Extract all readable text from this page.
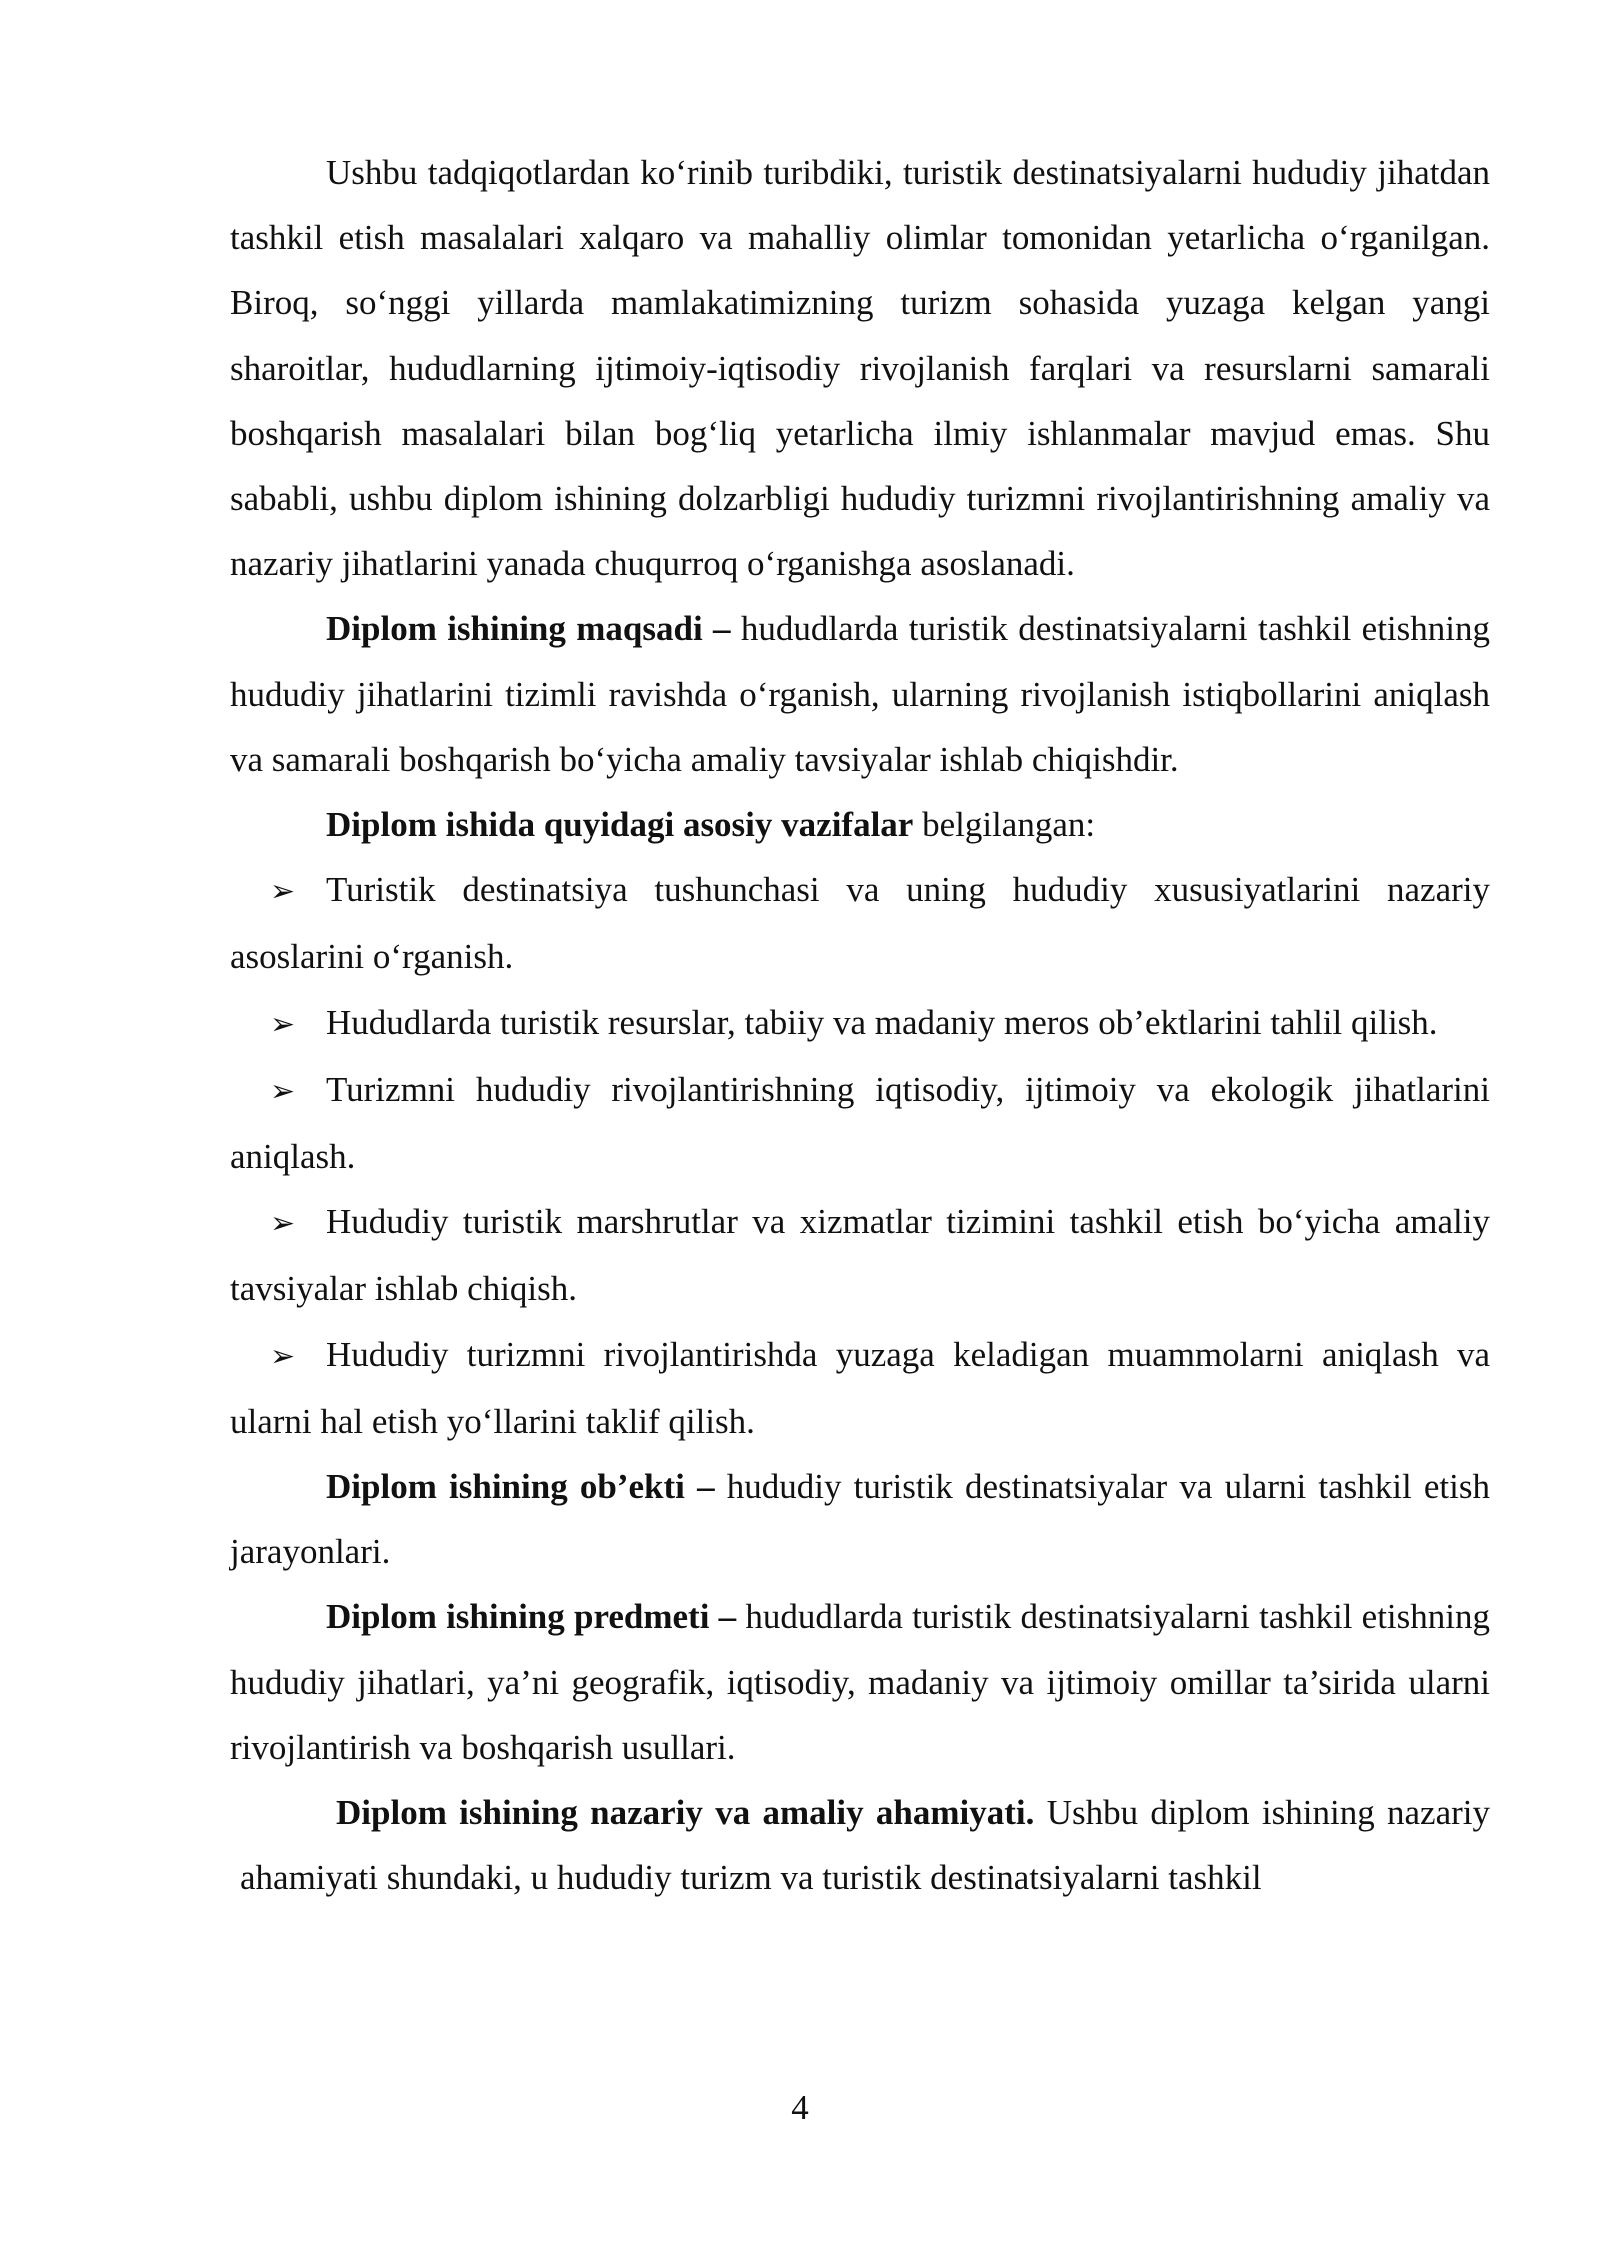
Ushbu tadqiqotlardan ko‘rinib turibdiki, turistik destinatsiyalarni hududiy jihatdan tashkil etish masalalari xalqaro va mahalliy olimlar tomonidan yetarlicha o‘rganilgan. Biroq, so‘nggi yillarda mamlakatimizning turizm sohasida yuzaga kelgan yangi sharoitlar, hududlarning ijtimoiy-iqtisodiy rivojlanish farqlari va resurslarni samarali boshqarish masalalari bilan bog‘liq yetarlicha ilmiy ishlanmalar mavjud emas. Shu sababli, ushbu diplom ishining dolzarbligi hududiy turizmni rivojlantirishning amaliy va nazariy jihatlarini yanada chuqurroq o‘rganishga asoslanadi.

Diplom ishining maqsadi – hududlarda turistik destinatsiyalarni tashkil etishning hududiy jihatlarini tizimli ravishda o‘rganish, ularning rivojlanish istiqbollarini aniqlash va samarali boshqarish bo‘yicha amaliy tavsiyalar ishlab chiqishdir.

Diplom ishida quyidagi asosiy vazifalar belgilangan:

➢ Turistik destinatsiya tushunchasi va uning hududiy xususiyatlarini nazariy asoslarini o‘rganish.

➢ Hududlarda turistik resurslar, tabiiy va madaniy meros ob’ektlarini tahlil qilish.

➢ Turizmni hududiy rivojlantirishning iqtisodiy, ijtimoiy va ekologik jihatlarini aniqlash.

➢ Hududiy turistik marshrutlar va xizmatlar tizimini tashkil etish bo‘yicha amaliy tavsiyalar ishlab chiqish.

➢ Hududiy turizmni rivojlantirishda yuzaga keladigan muammolarni aniqlash va ularni hal etish yo‘llarini taklif qilish.

Diplom ishining ob’ekti – hududiy turistik destinatsiyalar va ularni tashkil etish jarayonlari.

Diplom ishining predmeti – hududlarda turistik destinatsiyalarni tashkil etishning hududiy jihatlari, ya’ni geografik, iqtisodiy, madaniy va ijtimoiy omillar ta’sirida ularni rivojlantirish va boshqarish usullari.

Diplom ishining nazariy va amaliy ahamiyati. Ushbu diplom ishining nazariy ahamiyati shundaki, u hududiy turizm va turistik destinatsiyalarni tashkil

4
